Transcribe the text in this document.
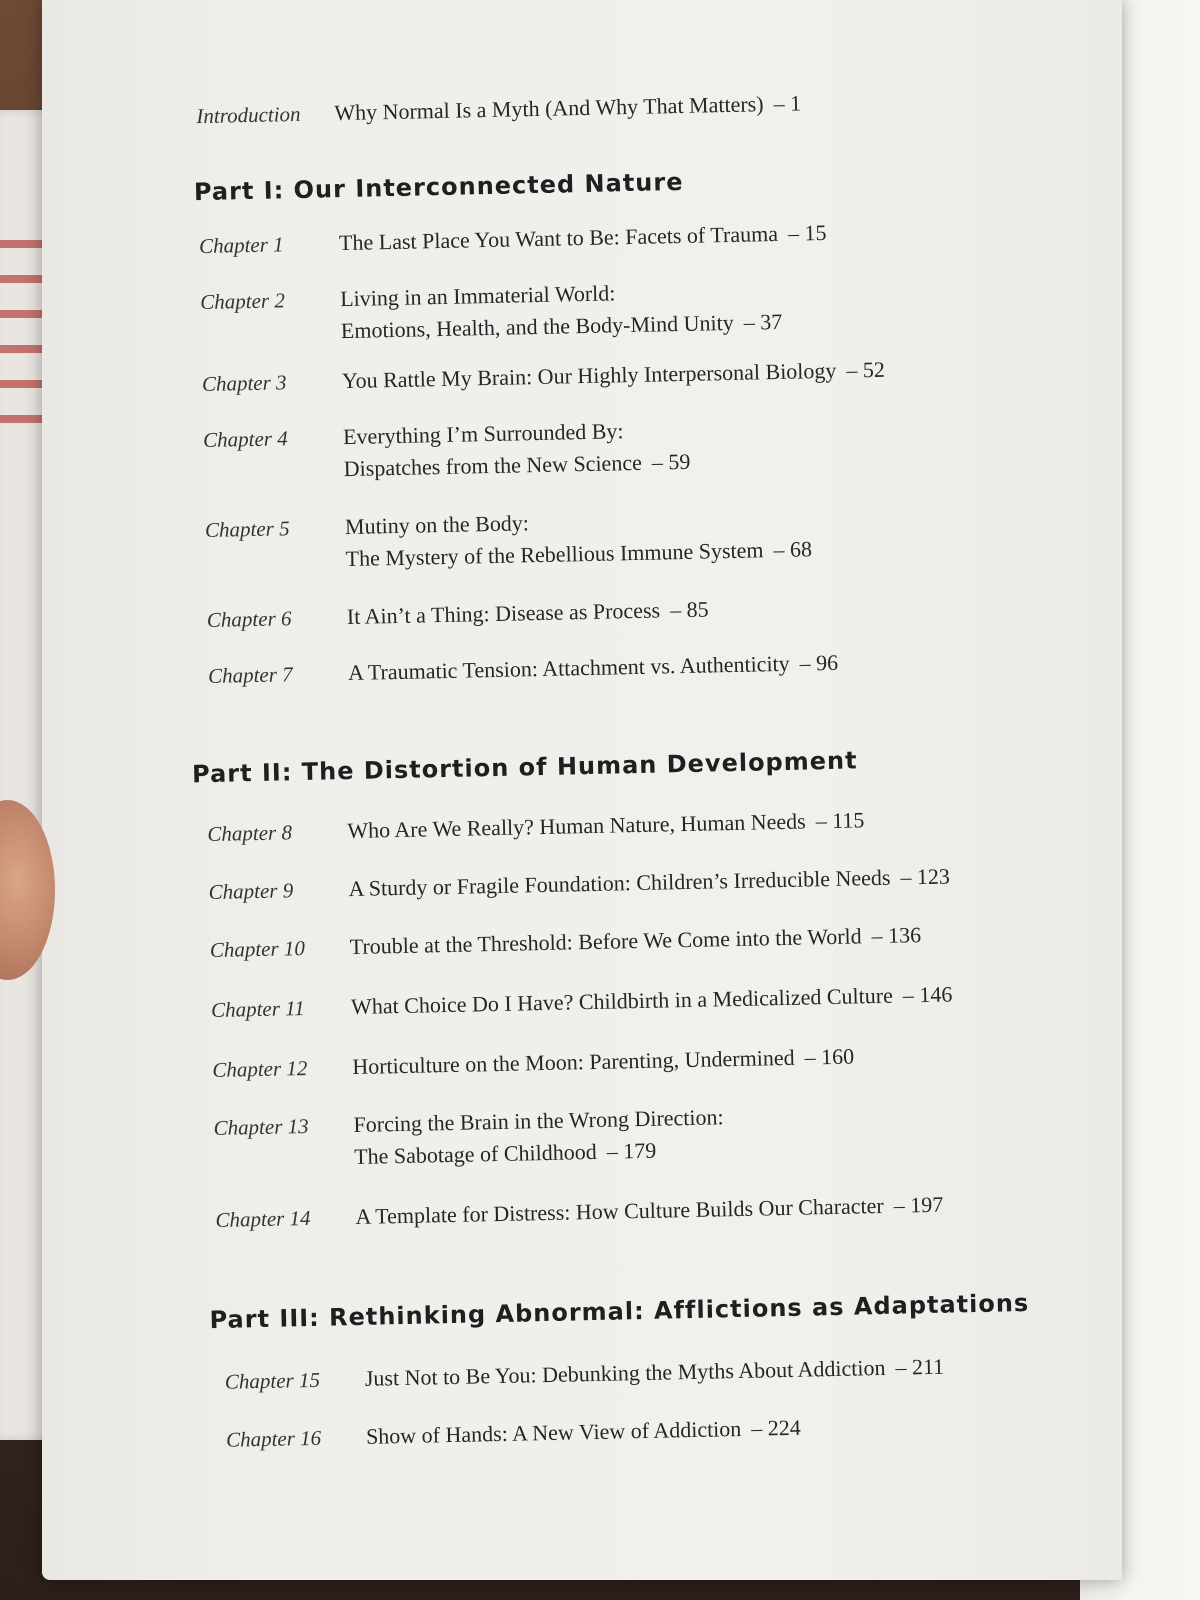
Introduction	Why Normal Is a Myth (And Why That Matters) – 1
Part I: Our Interconnected Nature
Chapter 1	The Last Place You Want to Be: Facets of Trauma – 15
Chapter 2	Living in an Immaterial World:
Emotions, Health, and the Body-Mind Unity – 37
Chapter 3	You Rattle My Brain: Our Highly Interpersonal Biology – 52
Chapter 4	Everything I’m Surrounded By:
Dispatches from the New Science – 59
Chapter 5	Mutiny on the Body:
The Mystery of the Rebellious Immune System – 68
Chapter 6	It Ain’t a Thing: Disease as Process – 85
Chapter 7	A Traumatic Tension: Attachment vs. Authenticity – 96
Part II: The Distortion of Human Development
Chapter 8	Who Are We Really? Human Nature, Human Needs – 115
Chapter 9	A Sturdy or Fragile Foundation: Children’s Irreducible Needs – 123
Chapter 10	Trouble at the Threshold: Before We Come into the World – 136
Chapter 11	What Choice Do I Have? Childbirth in a Medicalized Culture – 146
Chapter 12	Horticulture on the Moon: Parenting, Undermined – 160
Chapter 13	Forcing the Brain in the Wrong Direction:
The Sabotage of Childhood – 179
Chapter 14	A Template for Distress: How Culture Builds Our Character – 197
Part III: Rethinking Abnormal: Afflictions as Adaptations
Chapter 15	Just Not to Be You: Debunking the Myths About Addiction – 211
Chapter 16	Show of Hands: A New View of Addiction – 224
